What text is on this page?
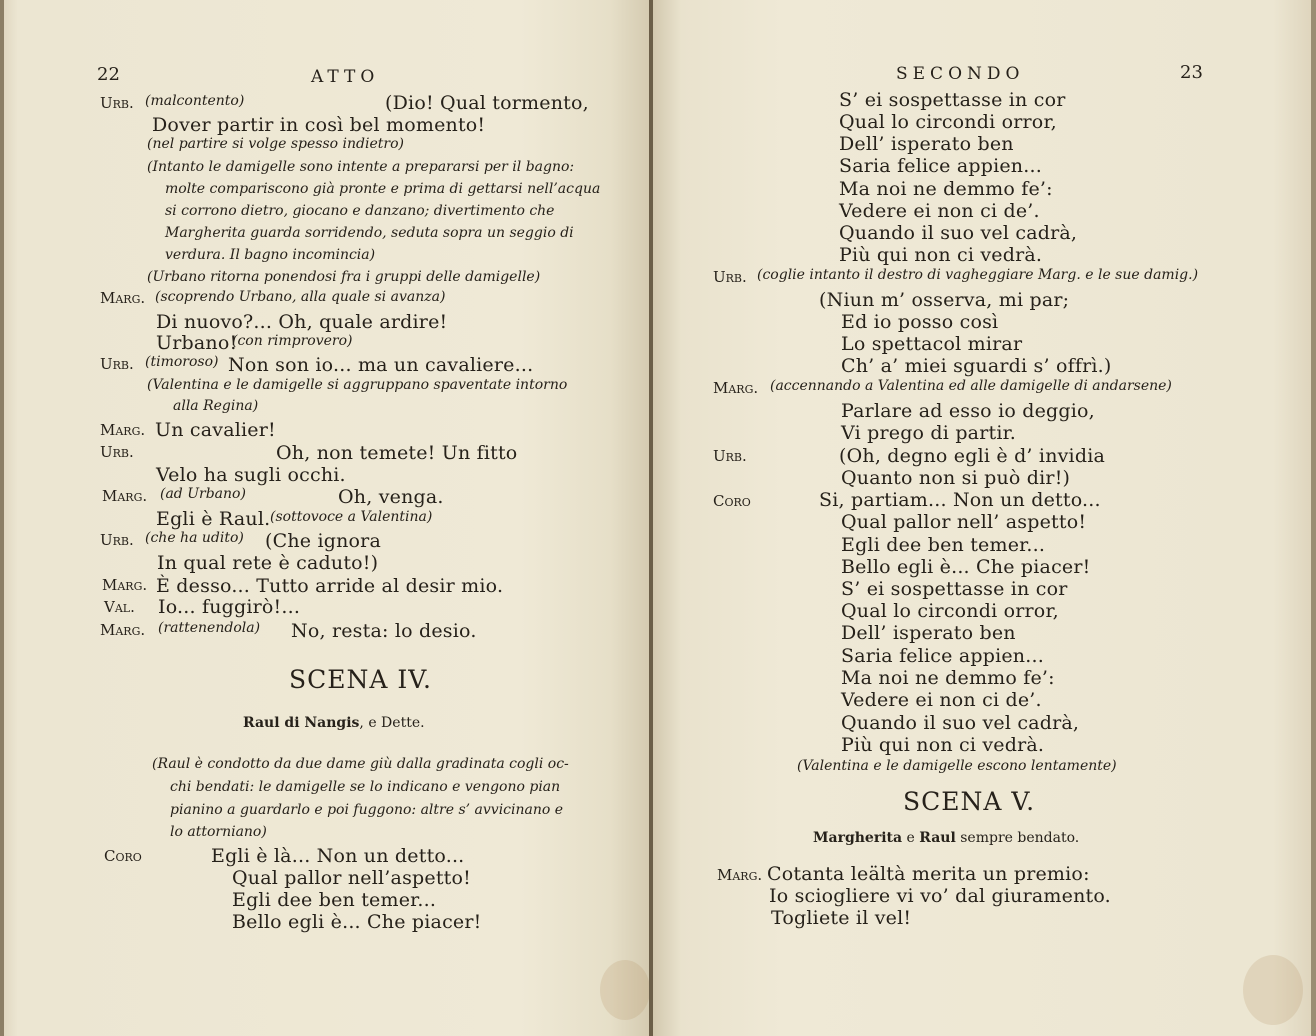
22	ATTO
Urb. (malcontento)	(Dio! Qual tormento,
Dover partir in così bel momento!
(nel partire si volge spesso indietro)
(Intanto le damigelle sono intente a prepararsi per il bagno:
molte compariscono già pronte e prima di gettarsi nell’acqua
si corrono dietro, giocano e danzano; divertimento che
Margherita guarda sorridendo, seduta sopra un seggio di
verdura. Il bagno incomincia)
(Urbano ritorna ponendosi fra i gruppi delle damigelle)
Marg. (scoprendo Urbano, alla quale si avanza)
Di nuovo?... Oh, quale ardire!
Urbano!
(con rimprovero)
Urb. (timoroso) Non son io... ma un cavaliere...
(Valentina e le damigelle si aggruppano spaventate intorno
alla Regina)
Marg. Un cavalier!
Urb.	Oh, non temete! Un fitto
Velo ha sugli occhi.
Marg. (ad Urbano)	Oh, venga.
Egli è Raul. (sottovoce a Valentina)
Urb. (che ha udito) (Che ignora
In qual rete è caduto!)
Marg. È desso... Tutto arride al desir mio.
Val. Io... fuggirò!...
Marg. (rattenendola) No, resta: lo desio.
SCENA IV.
Raul di Nangis, e Dette.
(Raul è condotto da due dame giù dalla gradinata cogli oc-
chi bendati: le damigelle se lo indicano e vengono pian
pianino a guardarlo e poi fuggono: altre s’ avvicinano e
lo attorniano)
Coro	Egli è là... Non un detto...
Qual pallor nell’aspetto!
Egli dee ben temer...
Bello egli è... Che piacer!
SECONDO	23
S’ ei sospettasse in cor
Qual lo circondi orror,
Dell’ isperato ben
Saria felice appien...
Ma noi ne demmo fe’:
Vedere ei non ci de’.
Quando il suo vel cadrà,
Più qui non ci vedrà.
Urb. (coglie intanto il destro di vagheggiare Marg. e le sue damig.)
(Niun m’ osserva, mi par;
Ed io posso così
Lo spettacol mirar
Ch’ a’ miei sguardi s’ offrì.)
Marg. (accennando a Valentina ed alle damigelle di andarsene)
Parlare ad esso io deggio,
Vi prego di partir.
Urb.	(Oh, degno egli è d’ invidia
Quanto non si può dir!)
Coro	Si, partiam... Non un detto...
Qual pallor nell’ aspetto!
Egli dee ben temer...
Bello egli è... Che piacer!
S’ ei sospettasse in cor
Qual lo circondi orror,
Dell’ isperato ben
Saria felice appien...
Ma noi ne demmo fe’:
Vedere ei non ci de’.
Quando il suo vel cadrà,
Più qui non ci vedrà.
(Valentina e le damigelle escono lentamente)
SCENA V.
Margherita e Raul sempre bendato.
Marg. Cotanta leältà merita un premio:
Io sciogliere vi vo’ dal giuramento.
Toglietе il vel!
